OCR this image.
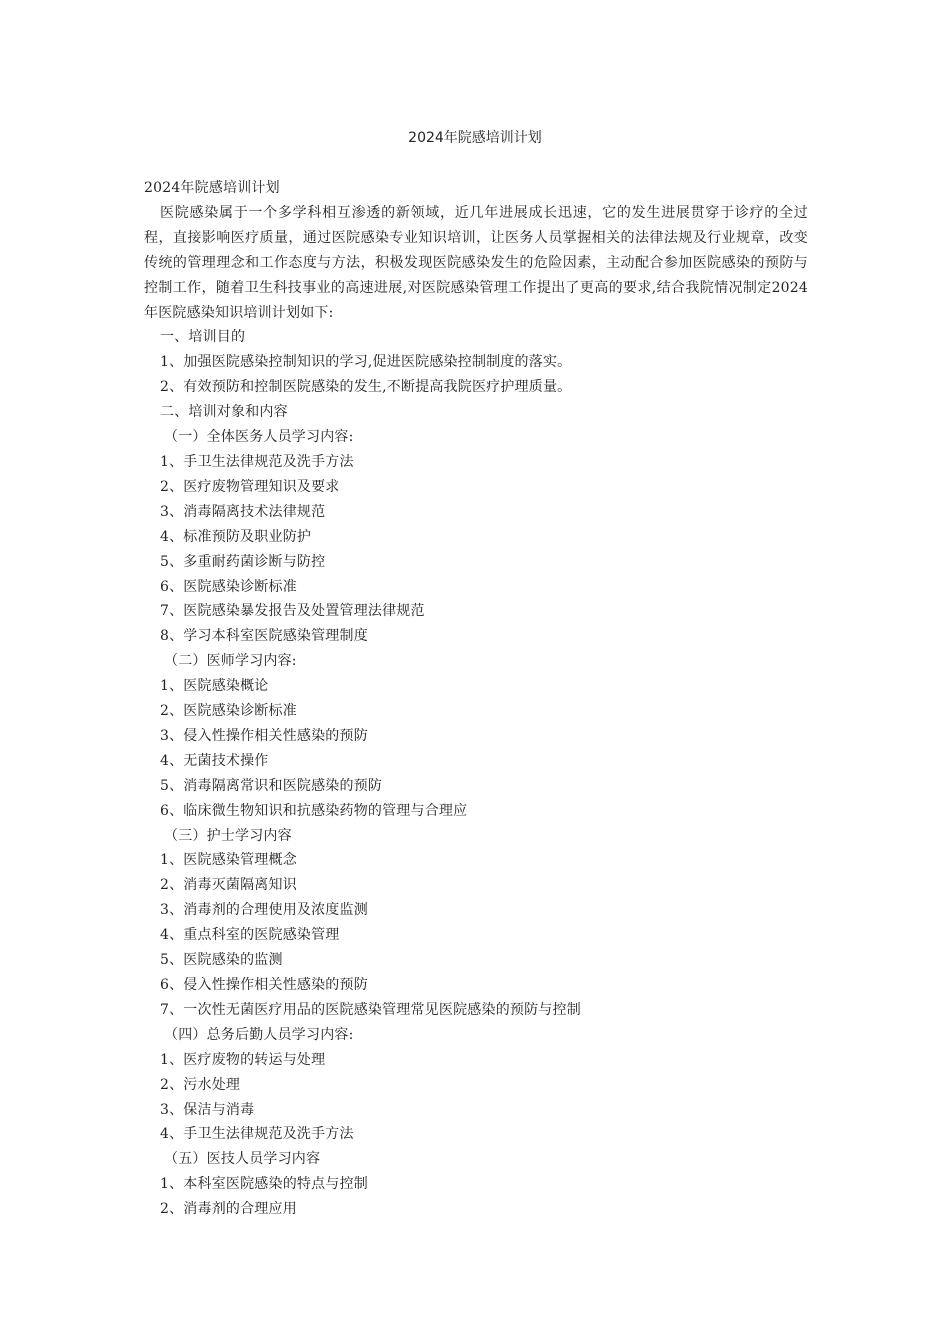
2024年院感培训计划

2024年院感培训计划

医院感染属于一个多学科相互渗透的新领域，近几年进展成长迅速，它的发生进展贯穿于诊疗的全过程，直接影响医疗质量，通过医院感染专业知识培训，让医务人员掌握相关的法律法规及行业规章，改变传统的管理理念和工作态度与方法，积极发现医院感染发生的危险因素，主动配合参加医院感染的预防与控制工作，随着卫生科技事业的高速进展,对医院感染管理工作提出了更高的要求,结合我院情况制定2024年医院感染知识培训计划如下:

一、培训目的

1、加强医院感染控制知识的学习,促进医院感染控制制度的落实。

2、有效预防和控制医院感染的发生,不断提高我院医疗护理质量。

二、培训对象和内容

（一）全体医务人员学习内容:

1、手卫生法律规范及洗手方法

2、医疗废物管理知识及要求

3、消毒隔离技术法律规范

4、标准预防及职业防护

5、多重耐药菌诊断与防控

6、医院感染诊断标准

7、医院感染暴发报告及处置管理法律规范

8、学习本科室医院感染管理制度

（二）医师学习内容:

1、医院感染概论

2、医院感染诊断标准

3、侵入性操作相关性感染的预防

4、无菌技术操作

5、消毒隔离常识和医院感染的预防

6、临床微生物知识和抗感染药物的管理与合理应

（三）护士学习内容

1、医院感染管理概念

2、消毒灭菌隔离知识

3、消毒剂的合理使用及浓度监测

4、重点科室的医院感染管理

5、医院感染的监测

6、侵入性操作相关性感染的预防

7、一次性无菌医疗用品的医院感染管理常见医院感染的预防与控制

（四）总务后勤人员学习内容:

1、医疗废物的转运与处理

2、污水处理

3、保洁与消毒

4、手卫生法律规范及洗手方法

（五）医技人员学习内容

1、本科室医院感染的特点与控制

2、消毒剂的合理应用
